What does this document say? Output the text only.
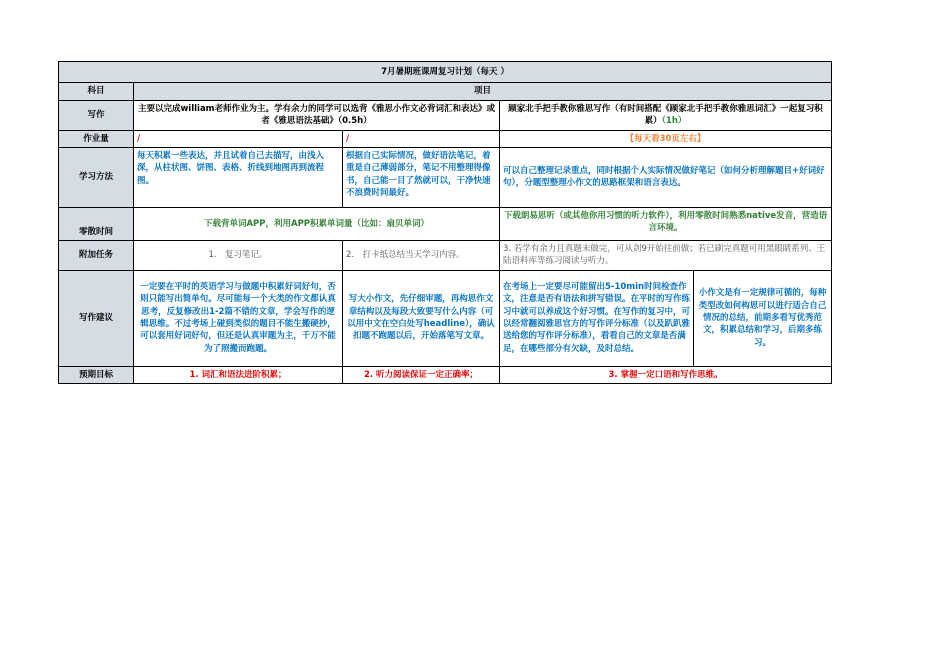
7月暑期班课周复习计划（每天 ）				
科目	项目			
写作	主要以完成william老师作业为主。学有余力的同学可以选背《雅思小作文必背词汇和表达》或者《雅思语法基础》（0.5h）		顾家北手把手教你雅思写作（有时间搭配《顾家北手把手教你雅思词汇》一起复习积累）（1h）	
作业量	/	/	【每天看30页左右】	
学习方法	每天积累一些表达，并且试着自己去描写，由浅入深，从柱状图、饼图、表格、折线到地图再到流程图。	根据自己实际情况，做好语法笔记，着重是自己薄弱部分，笔记不用整理得像书，自己能一目了然就可以，干净快速不浪费时间最好。	可以自己整理记录重点，同时根据个人实际情况做好笔记（如何分析理解题目+好词好句），分题型整理小作文的思路框架和语言表达。	
零散时间	下载背单词APP，利用APP积累单词量（比如：扇贝单词）		下载朗易思听（或其他你用习惯的听力软件），利用零散时间熟悉native发音，营造语言环境。	
附加任务	1.　复习笔记。	2.　打卡纸总结当天学习内容。	3. 若学有余力且真题未做完，可从剑9开始往前做；若已刷完真题可用黑眼睛系列、王陆语料库等练习阅读与听力。	
写作建议	一定要在平时的英语学习与做题中积累好词好句，否则只能写出简单句。尽可能每一个大类的作文都认真思考，反复修改出1-2篇不错的文章，学会写作的逻辑思维。不过考场上碰到类似的题目不能生搬硬抄，可以套用好词好句，但还是认真审题为主，千万不能为了照搬而跑题。	写大小作文，先仔细审题，再构思作文章结构以及每段大致要写什么内容（可以用中文在空白处写headline），确认扣题不跑题以后，开始落笔写文章。	在考场上一定要尽可能留出5-10min时间检查作文，注意是否有语法和拼写错误。在平时的写作练习中就可以养成这个好习惯。在写作的复习中，可以经常翻阅雅思官方的写作评分标准（以及趴趴雅送给您的写作评分标准），看看自己的文章是否满足，在哪些部分有欠缺，及时总结。	小作文是有一定规律可循的，每种类型改如何构思可以进行适合自己情况的总结，前期多看写优秀范文，积累总结和学习，后期多练习。
预期目标	1. 词汇和语法进阶积累；	2. 听力阅读保证一定正确率；	3. 掌握一定口语和写作思维。	
